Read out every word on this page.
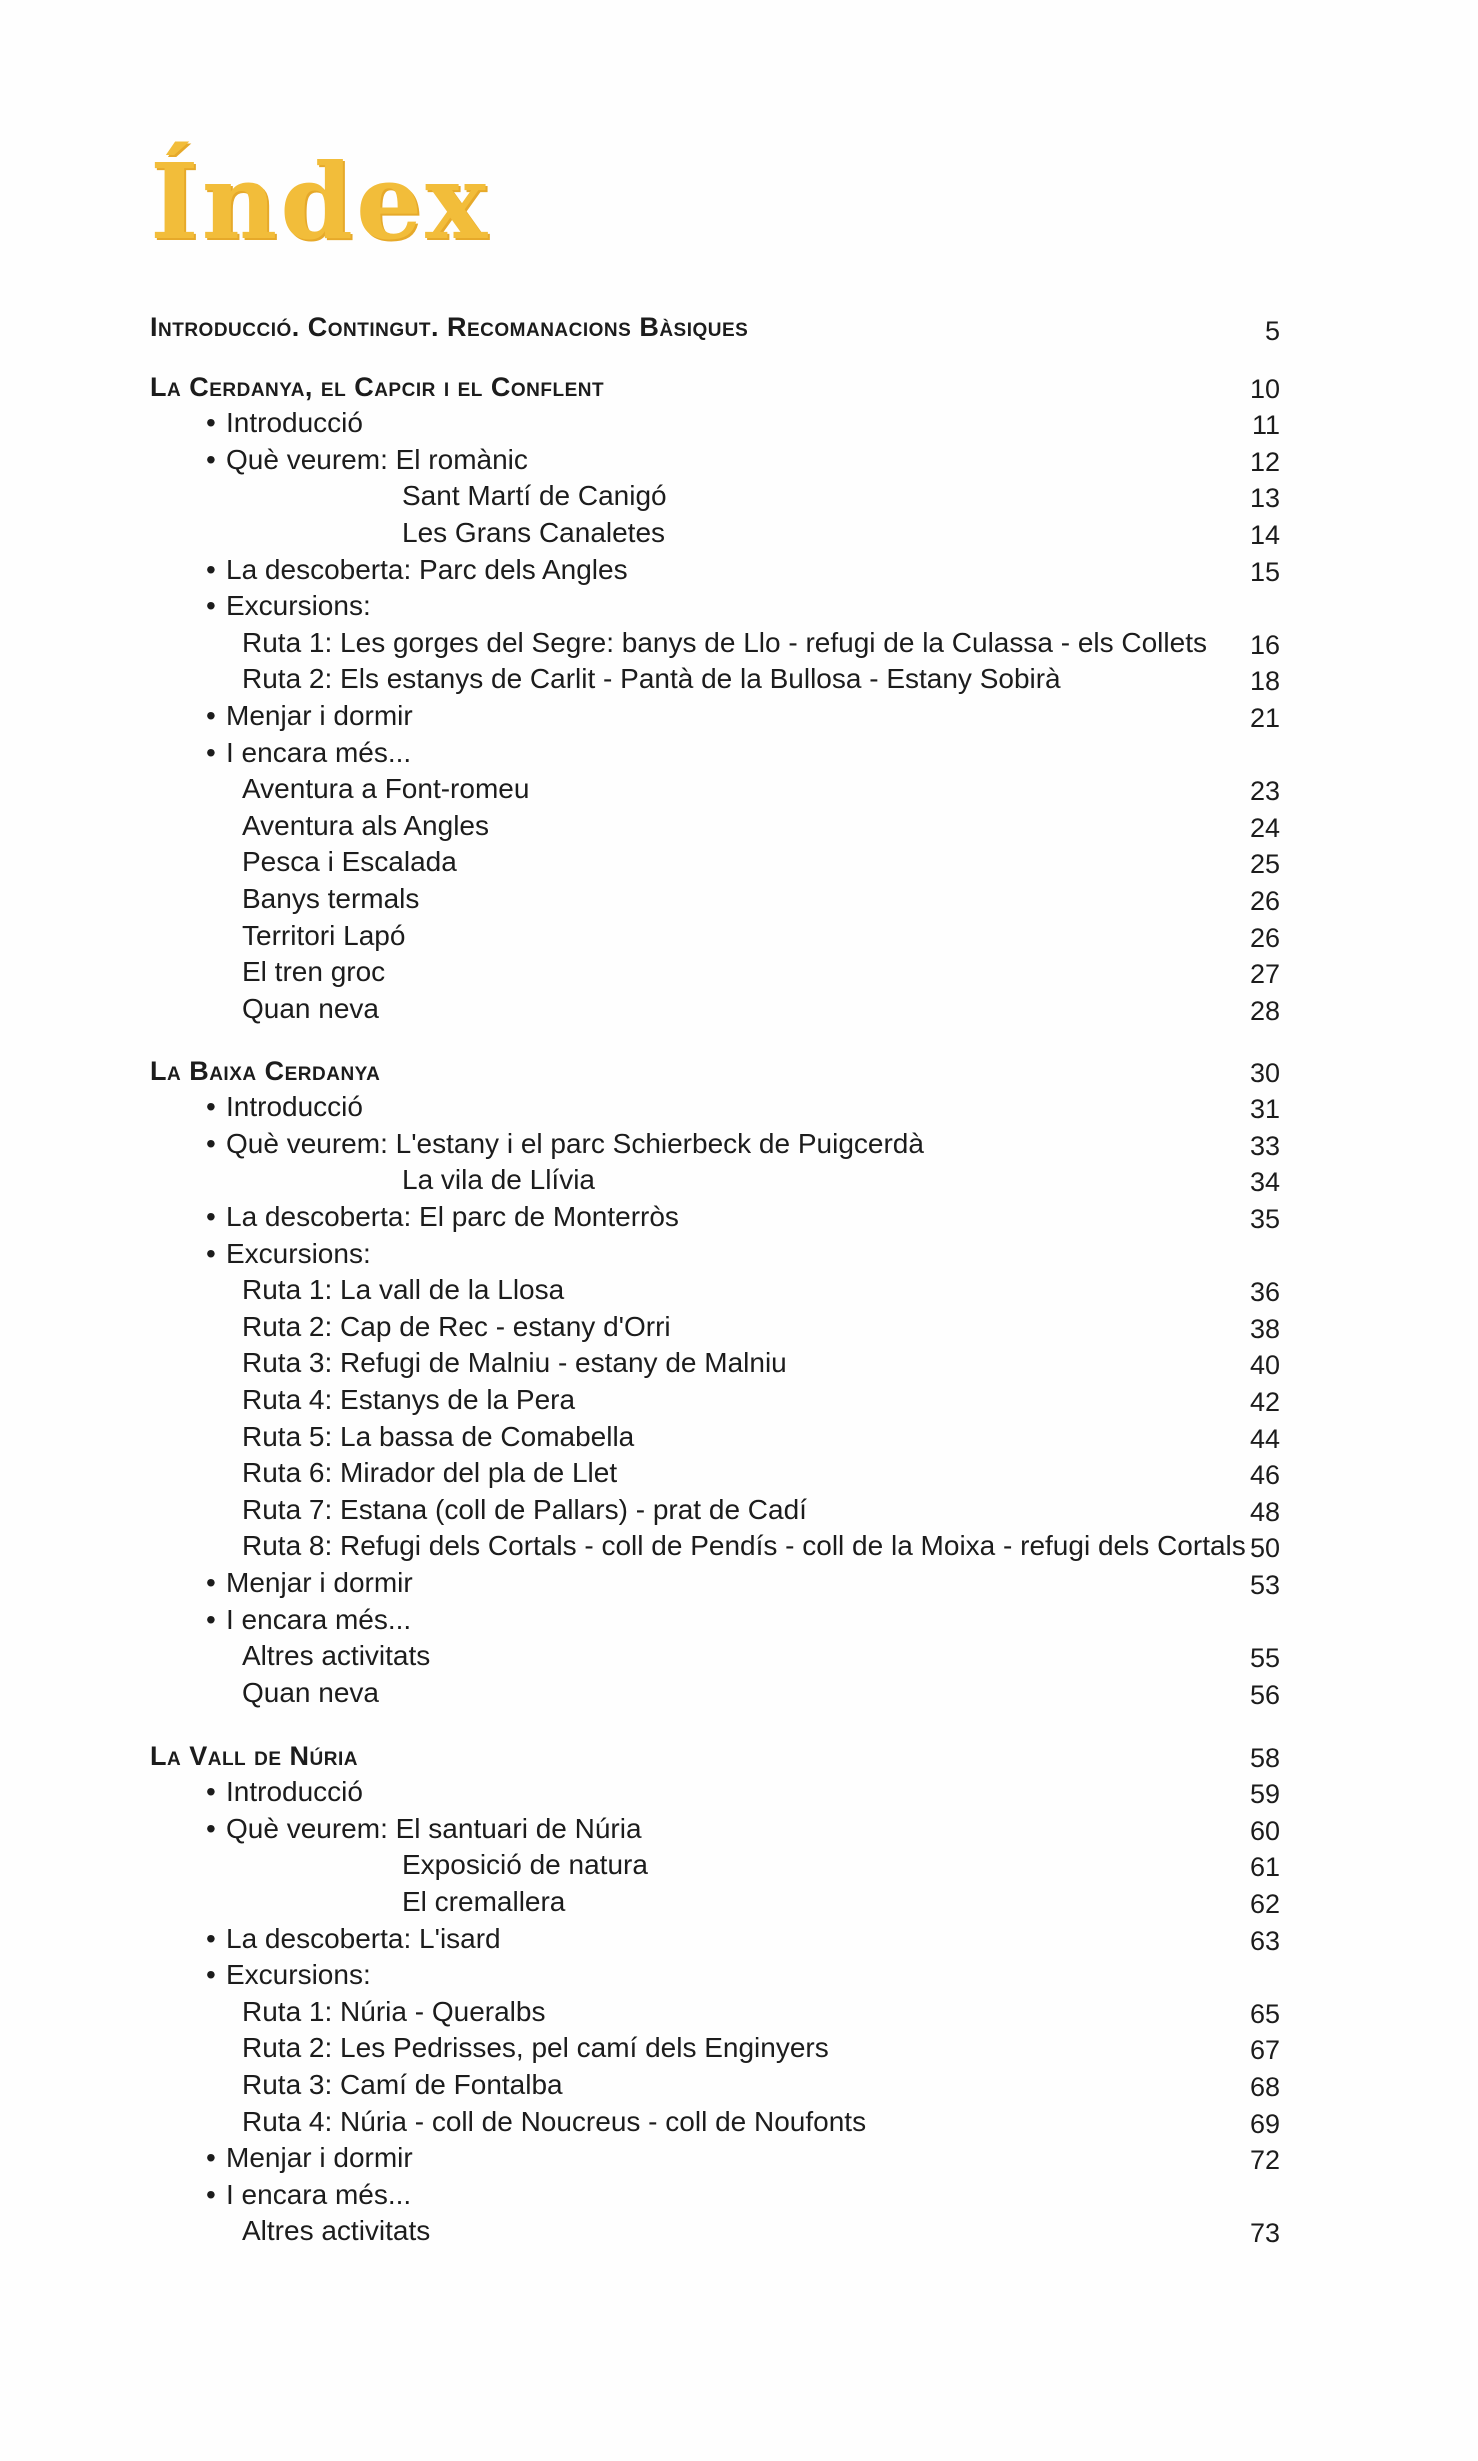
Índex
Introducció. Contingut. Recomanacions Bàsiques	5
La Cerdanya, el Capcir i el Conflent	10
• Introducció	11
• Què veurem: El romànic	12
Sant Martí de Canigó	13
Les Grans Canaletes	14
• La descoberta: Parc dels Angles	15
• Excursions:
Ruta 1: Les gorges del Segre: banys de Llo - refugi de la Culassa - els Collets	16
Ruta 2: Els estanys de Carlit - Pantà de la Bullosa - Estany Sobirà	18
• Menjar i dormir	21
• I encara més...
Aventura a Font-romeu	23
Aventura als Angles	24
Pesca i Escalada	25
Banys termals	26
Territori Lapó	26
El tren groc	27
Quan neva	28
La Baixa Cerdanya	30
• Introducció	31
• Què veurem: L'estany i el parc Schierbeck de Puigcerdà	33
La vila de Llívia	34
• La descoberta: El parc de Monterròs	35
• Excursions:
Ruta 1: La vall de la Llosa	36
Ruta 2: Cap de Rec - estany d'Orri	38
Ruta 3: Refugi de Malniu - estany de Malniu	40
Ruta 4: Estanys de la Pera	42
Ruta 5: La bassa de Comabella	44
Ruta 6: Mirador del pla de Llet	46
Ruta 7: Estana (coll de Pallars) - prat de Cadí	48
Ruta 8: Refugi dels Cortals - coll de Pendís - coll de la Moixa - refugi dels Cortals 50
• Menjar i dormir	53
• I encara més...
Altres activitats	55
Quan neva	56
La Vall de Núria	58
• Introducció	59
• Què veurem: El santuari de Núria	60
Exposició de natura	61
El cremallera	62
• La descoberta: L'isard	63
• Excursions:
Ruta 1: Núria - Queralbs	65
Ruta 2: Les Pedrisses, pel camí dels Enginyers	67
Ruta 3: Camí de Fontalba	68
Ruta 4: Núria - coll de Noucreus - coll de Noufonts	69
• Menjar i dormir	72
• I encara més...
Altres activitats	73
